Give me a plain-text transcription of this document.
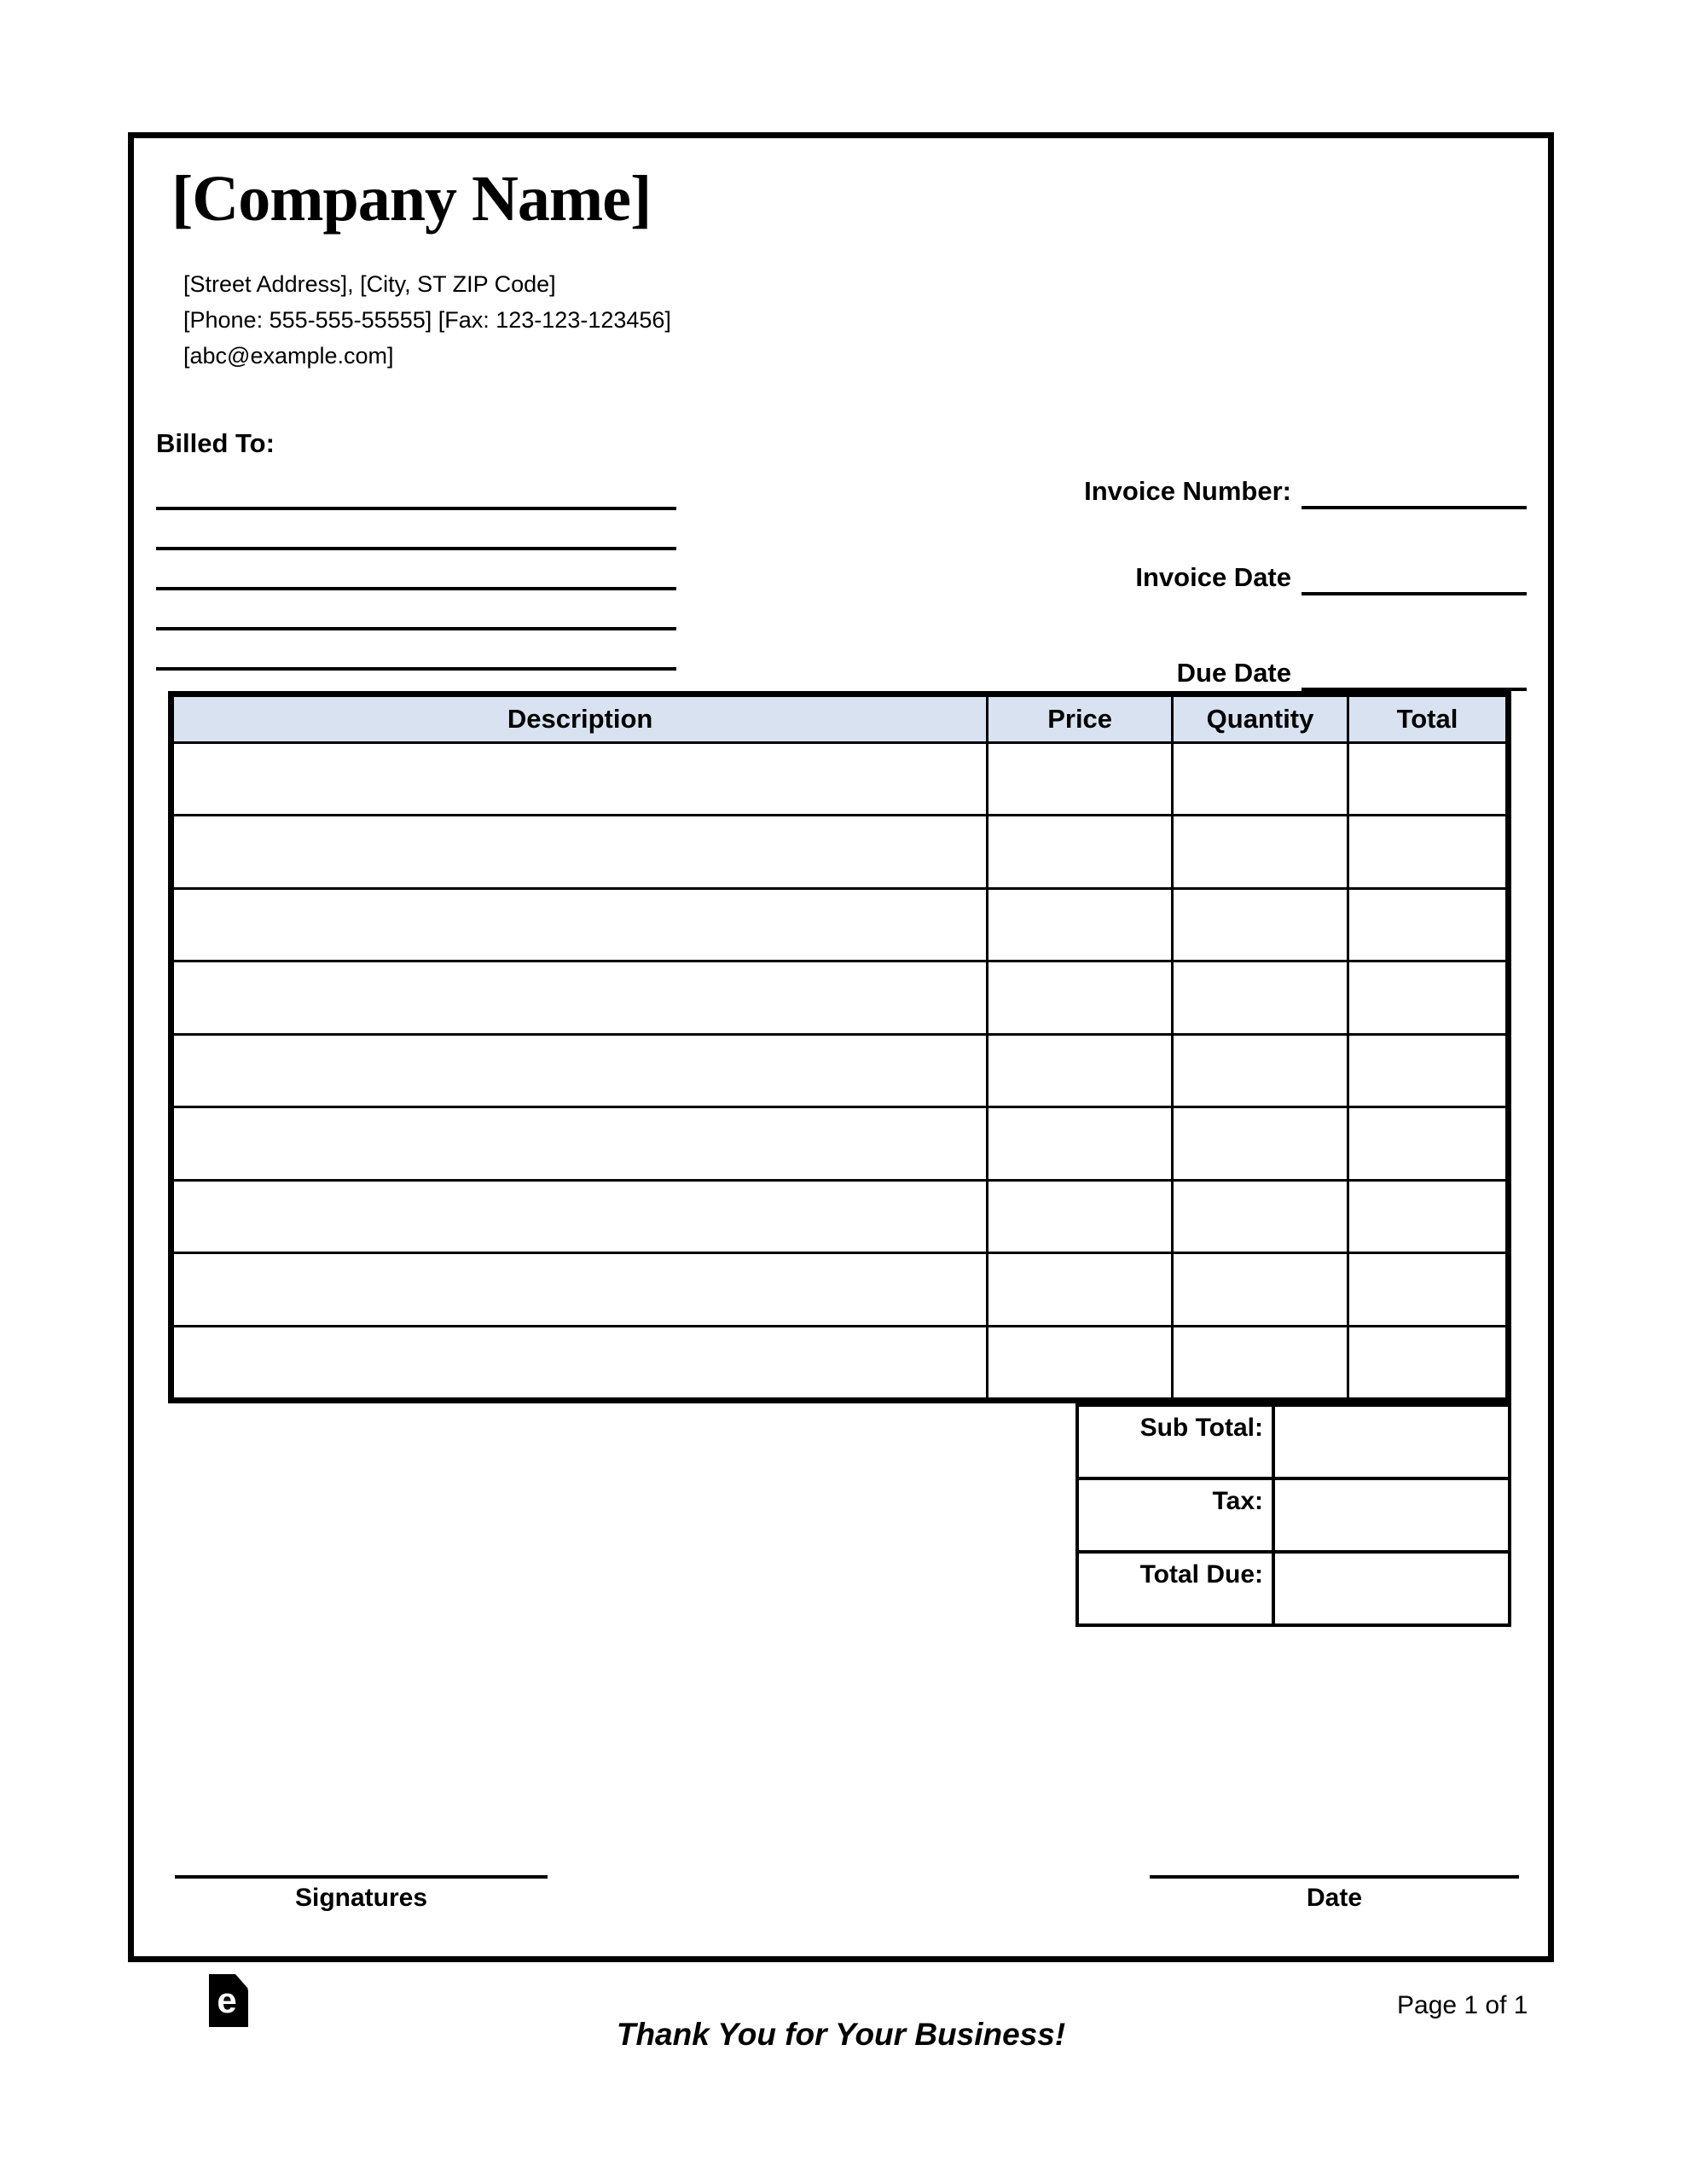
[Company Name]
[Street Address], [City, ST ZIP Code]
[Phone: 555-555-55555] [Fax: 123-123-123456]
[abc@example.com]
Billed To:
Invoice Number:
Invoice Date
Due Date
Description	Price	Quantity	Total
Sub Total:
Tax:
Total Due:
Signatures	Date
e
Thank You for Your Business!
Page 1 of 1
